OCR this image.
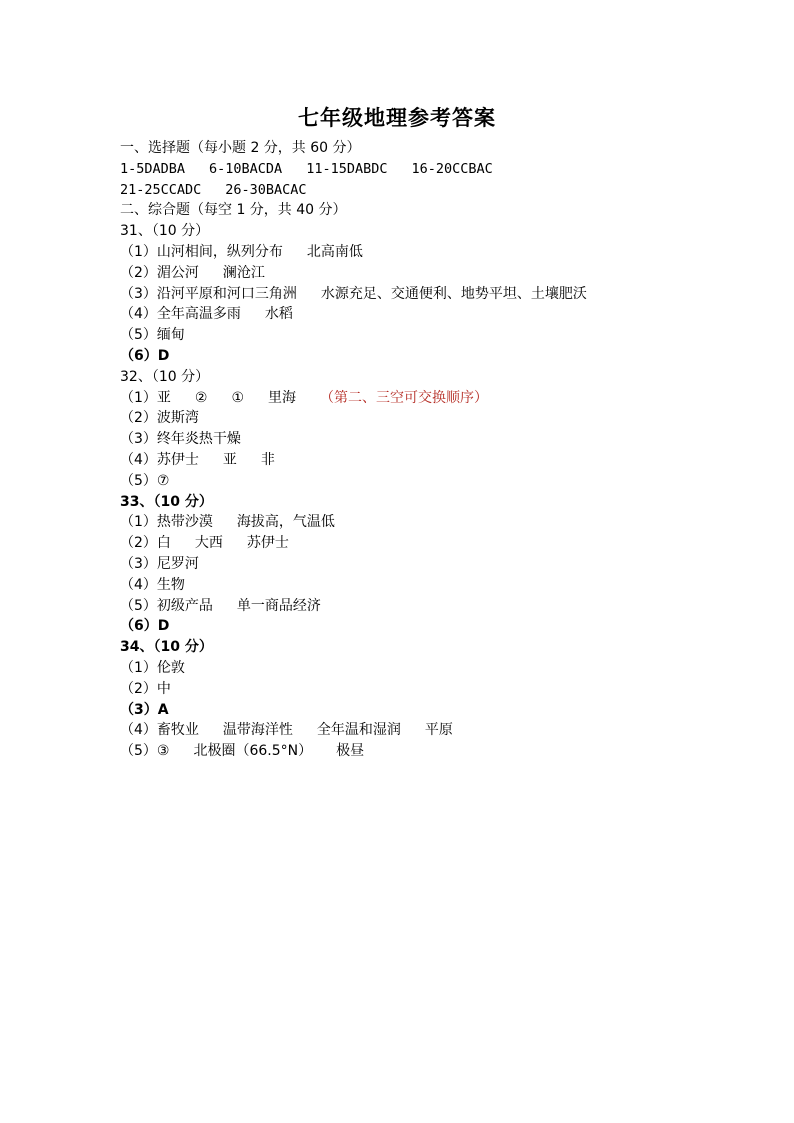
七年级地理参考答案
一、选择题（每小题 2 分，共 60 分）
1-5DADBA 6-10BACDA 11-15DABDC 16-20CCBAC
21-25CCADC 26-30BACAC
二、综合题（每空 1 分，共 40 分）
31、（10 分）
（1）山河相间，纵列分布 北高南低
（2）湄公河 澜沧江
（3）沿河平原和河口三角洲 水源充足、交通便利、地势平坦、土壤肥沃
（4）全年高温多雨 水稻
（5）缅甸
（6）D
32、（10 分）
（1）亚 ② ① 里海 （第二、三空可交换顺序）
（2）波斯湾
（3）终年炎热干燥
（4）苏伊士 亚 非
（5）⑦
33、（10 分）
（1）热带沙漠 海拔高，气温低
（2）白 大西 苏伊士
（3）尼罗河
（4）生物
（5）初级产品 单一商品经济
（6）D
34、（10 分）
（1）伦敦
（2）中
（3）A
（4）畜牧业 温带海洋性 全年温和湿润 平原
（5）③ 北极圈（66.5°N） 极昼
